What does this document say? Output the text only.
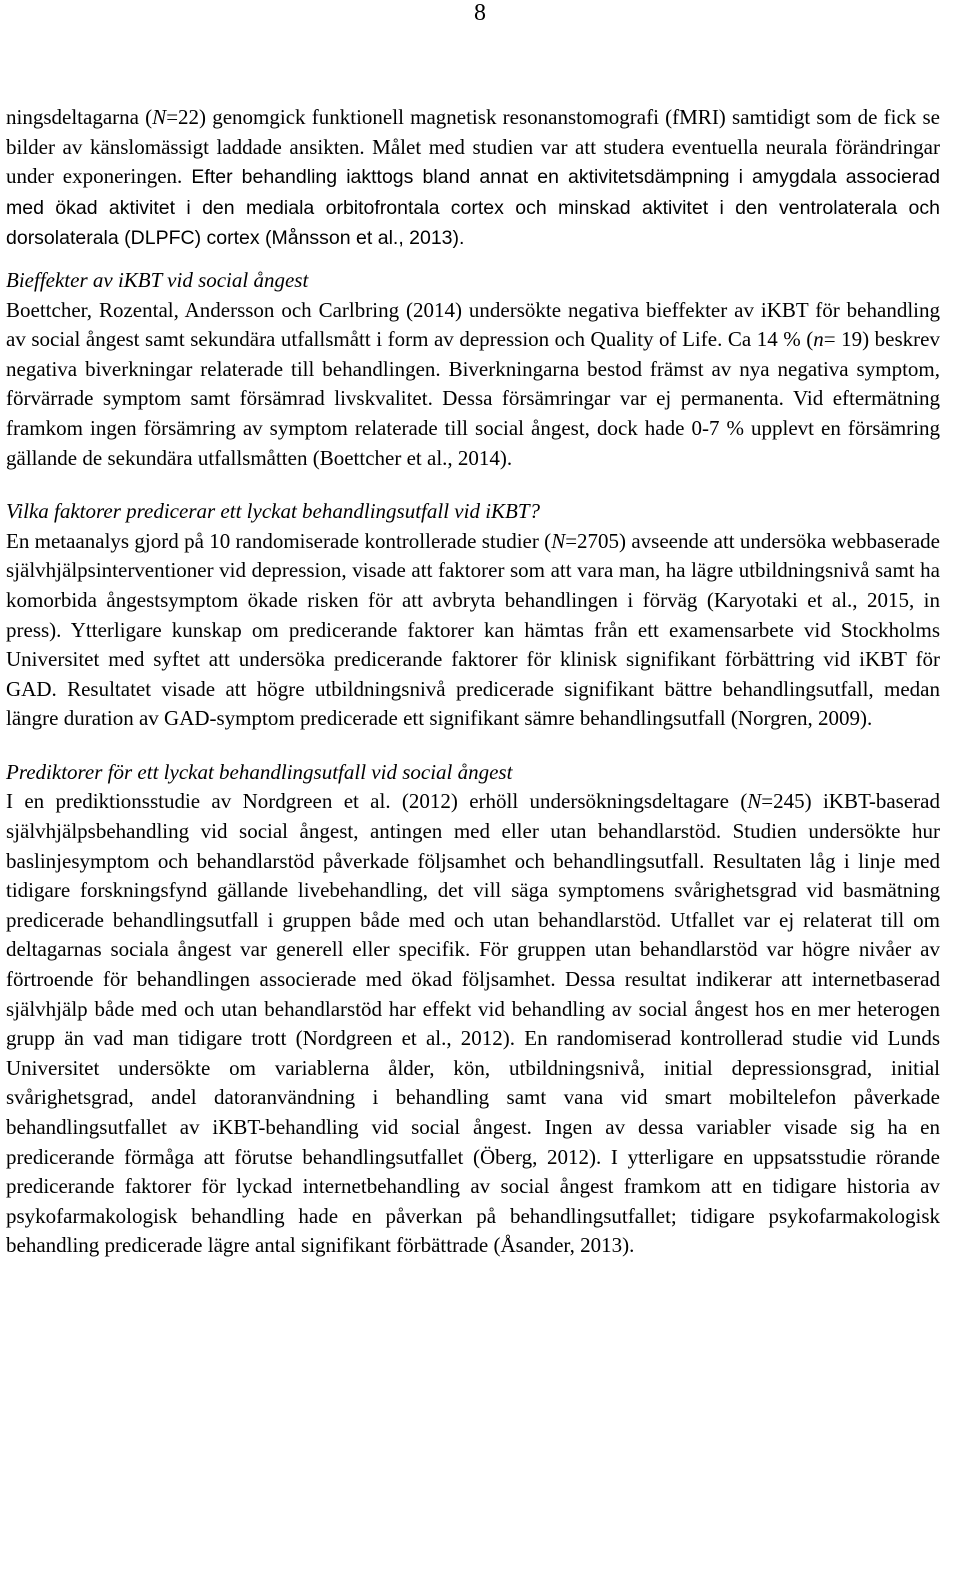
8

ningsdeltagarna (N=22) genomgick funktionell magnetisk resonanstomografi (fMRI) samtidigt som de fick se bilder av känslomässigt laddade ansikten. Målet med studien var att studera eventuella neurala förändringar under exponeringen. Efter behandling iakttogs bland annat en aktivitetsdämpning i amygdala associerad med ökad aktivitet i den mediala orbitofrontala cortex och minskad aktivitet i den ventrolaterala och dorsolaterala (DLPFC) cortex (Månsson et al., 2013).

Bieffekter av iKBT vid social ångest

Boettcher, Rozental, Andersson och Carlbring (2014) undersökte negativa bieffekter av iKBT för behandling av social ångest samt sekundära utfallsmått i form av depression och Quality of Life. Ca 14 % (n= 19) beskrev negativa biverkningar relaterade till behandlingen. Biverkningarna bestod främst av nya negativa symptom, förvärrade symptom samt försämrad livskvalitet. Dessa försämringar var ej permanenta. Vid eftermätning framkom ingen försämring av symptom relaterade till social ångest, dock hade 0-7 % upplevt en försämring gällande de sekundära utfallsmåtten (Boettcher et al., 2014).

Vilka faktorer predicerar ett lyckat behandlingsutfall vid iKBT?

En metaanalys gjord på 10 randomiserade kontrollerade studier (N=2705) avseende att undersöka webbaserade självhjälpsinterventioner vid depression, visade att faktorer som att vara man, ha lägre utbildningsnivå samt ha komorbida ångestsymptom ökade risken för att avbryta behandlingen i förväg (Karyotaki et al., 2015, in press). Ytterligare kunskap om predicerande faktorer kan hämtas från ett examensarbete vid Stockholms Universitet med syftet att undersöka predicerande faktorer för klinisk signifikant förbättring vid iKBT för GAD. Resultatet visade att högre utbildningsnivå predicerade signifikant bättre behandlingsutfall, medan längre duration av GAD-symptom predicerade ett signifikant sämre behandlingsutfall (Norgren, 2009).

Prediktorer för ett lyckat behandlingsutfall vid social ångest

I en prediktionsstudie av Nordgreen et al. (2012) erhöll undersökningsdeltagare (N=245) iKBT-baserad självhjälpsbehandling vid social ångest, antingen med eller utan behandlarstöd. Studien undersökte hur baslinjesymptom och behandlarstöd påverkade följsamhet och behandlingsutfall. Resultaten låg i linje med tidigare forskningsfynd gällande livebehandling, det vill säga symptomens svårighetsgrad vid basmätning predicerade behandlingsutfall i gruppen både med och utan behandlarstöd. Utfallet var ej relaterat till om deltagarnas sociala ångest var generell eller specifik. För gruppen utan behandlarstöd var högre nivåer av förtroende för behandlingen associerade med ökad följsamhet. Dessa resultat indikerar att internetbaserad självhjälp både med och utan behandlarstöd har effekt vid behandling av social ångest hos en mer heterogen grupp än vad man tidigare trott (Nordgreen et al., 2012). En randomiserad kontrollerad studie vid Lunds Universitet undersökte om variablerna ålder, kön, utbildningsnivå, initial depressionsgrad, initial svårighetsgrad, andel datoranvändning i behandling samt vana vid smart mobiltelefon påverkade behandlingsutfallet av iKBT-behandling vid social ångest. Ingen av dessa variabler visade sig ha en predicerande förmåga att förutse behandlingsutfallet (Öberg, 2012). I ytterligare en uppsatsstudie rörande predicerande faktorer för lyckad internetbehandling av social ångest framkom att en tidigare historia av psykofarmakologisk behandling hade en påverkan på behandlingsutfallet; tidigare psykofarmakologisk behandling predicerade lägre antal signifikant förbättrade (Åsander, 2013).
